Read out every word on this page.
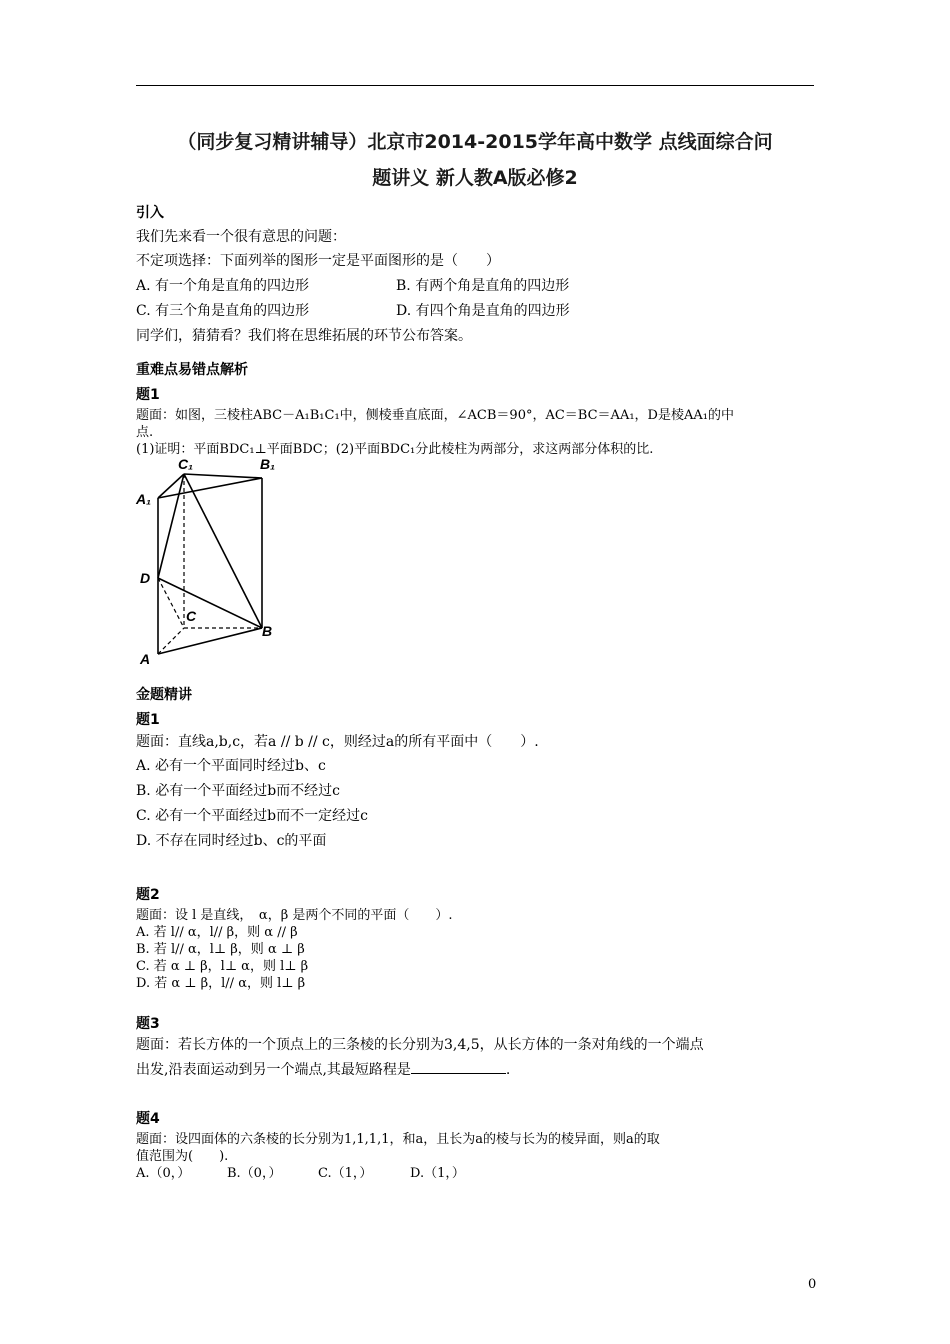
（同步复习精讲辅导）北京市2014-2015学年高中数学 点线面综合问
题讲义 新人教A版必修2
引入
我们先来看一个很有意思的问题：
不定项选择：下面列举的图形一定是平面图形的是（　　）
A. 有一个角是直角的四边形	B. 有两个角是直角的四边形
C. 有三个角是直角的四边形	D. 有四个角是直角的四边形
同学们，猜猜看？我们将在思维拓展的环节公布答案。
重难点易错点解析
题1
题面：如图，三棱柱ABC－A₁B₁C₁中，侧棱垂直底面，∠ACB＝90°，AC＝BC＝AA₁，D是棱AA₁的中
点.
(1)证明：平面BDC₁⊥平面BDC；(2)平面BDC₁分此棱柱为两部分，求这两部分体积的比.
C₁	B₁
A₁
D
C
B
A
金题精讲
题1
题面：直线a,b,c，若a // b // c，则经过a的所有平面中（　　）.
A. 必有一个平面同时经过b、c
B. 必有一个平面经过b而不经过c
C. 必有一个平面经过b而不一定经过c
D. 不存在同时经过b、c的平面
题2
题面：设 l 是直线，　α，β 是两个不同的平面（　　）.
A. 若 l// α，l// β，则 α // β
B. 若 l// α，l⊥ β，则 α ⊥ β
C. 若 α ⊥ β，l⊥ α，则 l⊥ β
D. 若 α ⊥ β，l// α，则 l⊥ β
题3
题面：若长方体的一个顶点上的三条棱的长分别为3,4,5，从长方体的一条对角线的一个端点
出发,沿表面运动到另一个端点,其最短路程是	.
题4
题面：设四面体的六条棱的长分别为1,1,1,1，和a，且长为a的棱与长为的棱异面，则a的取
值范围为(　　).
A.（0，）	B.（0，）	C.（1，）	D.（1，）
0
